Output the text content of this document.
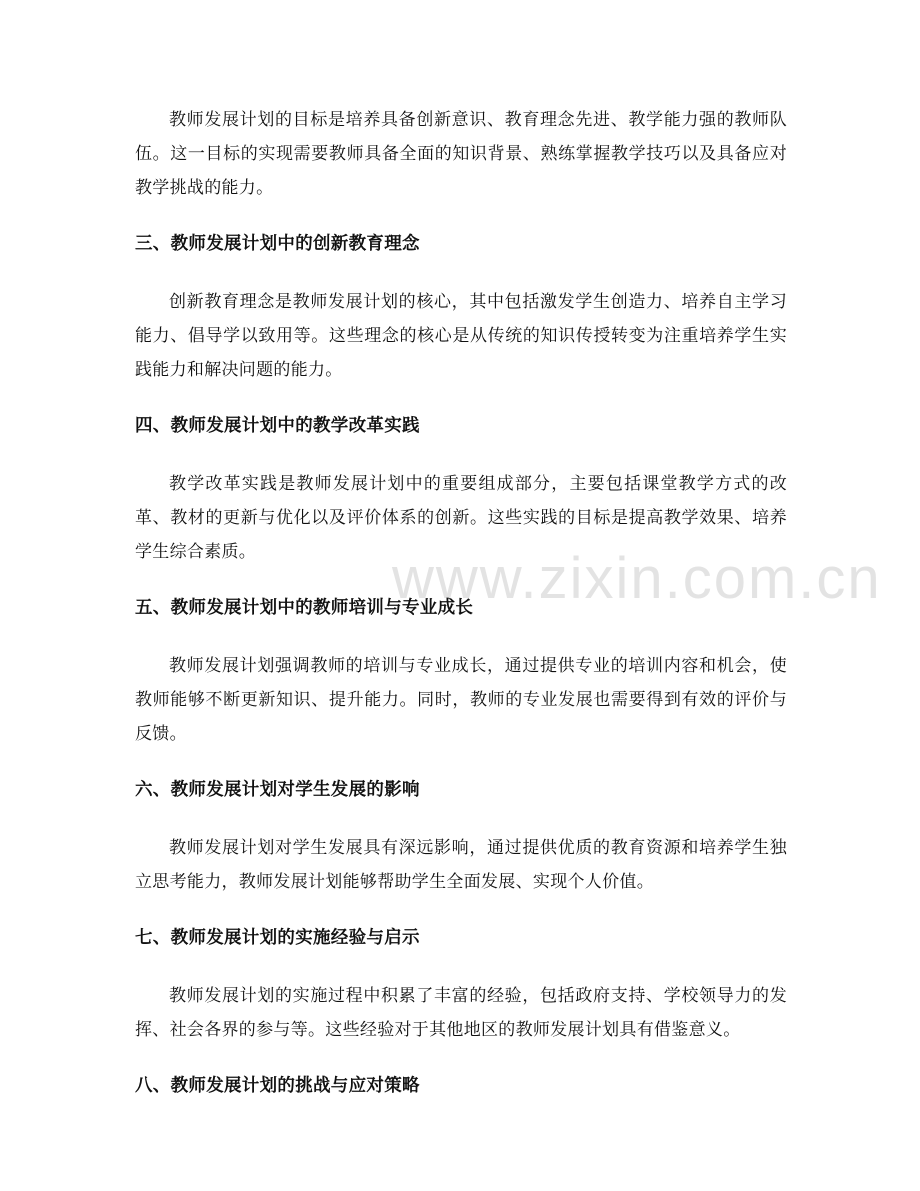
www.zixin.com.cn

教师发展计划的目标是培养具备创新意识、教育理念先进、教学能力强的教师队伍。这一目标的实现需要教师具备全面的知识背景、熟练掌握教学技巧以及具备应对教学挑战的能力。

三、教师发展计划中的创新教育理念

创新教育理念是教师发展计划的核心，其中包括激发学生创造力、培养自主学习能力、倡导学以致用等。这些理念的核心是从传统的知识传授转变为注重培养学生实践能力和解决问题的能力。

四、教师发展计划中的教学改革实践

教学改革实践是教师发展计划中的重要组成部分，主要包括课堂教学方式的改革、教材的更新与优化以及评价体系的创新。这些实践的目标是提高教学效果、培养学生综合素质。

五、教师发展计划中的教师培训与专业成长

教师发展计划强调教师的培训与专业成长，通过提供专业的培训内容和机会，使教师能够不断更新知识、提升能力。同时，教师的专业发展也需要得到有效的评价与反馈。

六、教师发展计划对学生发展的影响

教师发展计划对学生发展具有深远影响，通过提供优质的教育资源和培养学生独立思考能力，教师发展计划能够帮助学生全面发展、实现个人价值。

七、教师发展计划的实施经验与启示

教师发展计划的实施过程中积累了丰富的经验，包括政府支持、学校领导力的发挥、社会各界的参与等。这些经验对于其他地区的教师发展计划具有借鉴意义。

八、教师发展计划的挑战与应对策略
